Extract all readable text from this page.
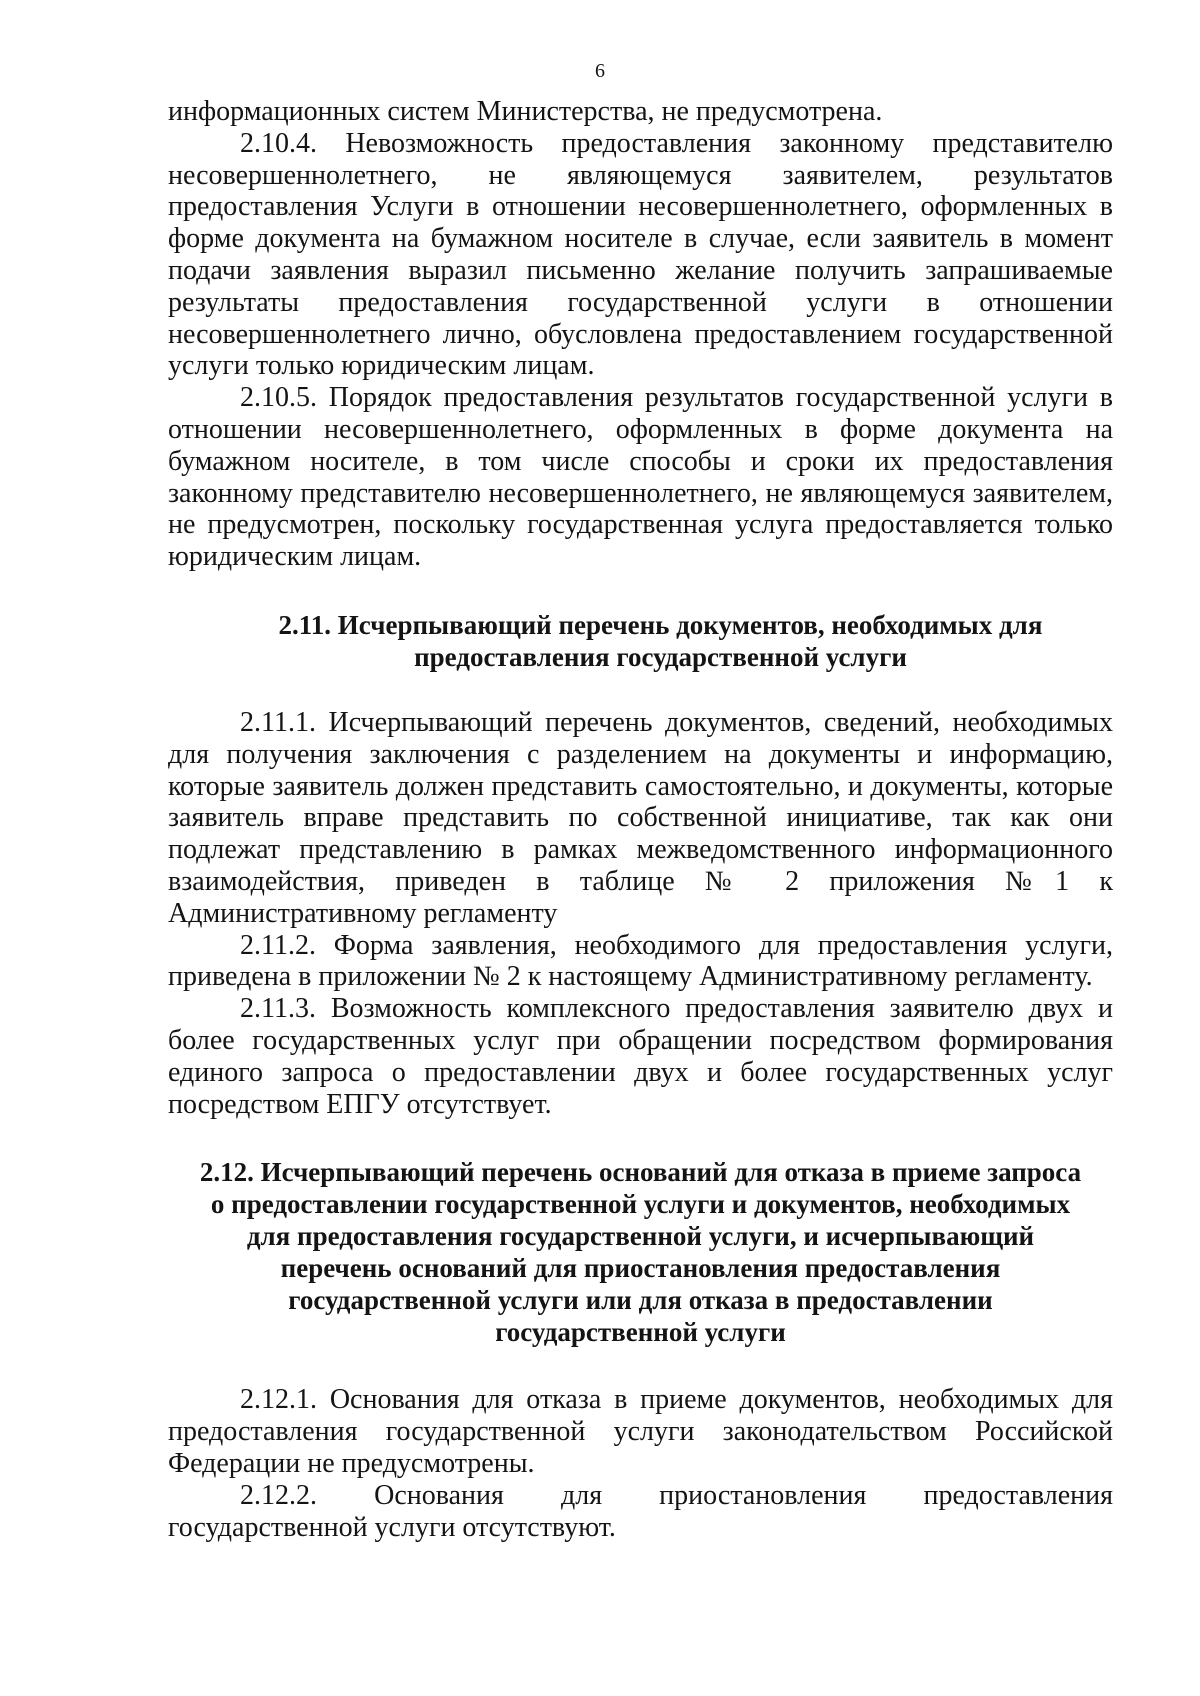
6

информационных систем Министерства, не предусмотрена.

2.10.4. Невозможность предоставления законному представителю несовершеннолетнего, не являющемуся заявителем, результатов предоставления Услуги в отношении несовершеннолетнего, оформленных в форме документа на бумажном носителе в случае, если заявитель в момент подачи заявления выразил письменно желание получить запрашиваемые результаты предоставления государственной услуги в отношении несовершеннолетнего лично, обусловлена предоставлением государственной услуги только юридическим лицам.

2.10.5. Порядок предоставления результатов государственной услуги в отношении несовершеннолетнего, оформленных в форме документа на бумажном носителе, в том числе способы и сроки их предоставления законному представителю несовершеннолетнего, не являющемуся заявителем, не предусмотрен, поскольку государственная услуга предоставляется только юридическим лицам.

2.11. Исчерпывающий перечень документов, необходимых для
предоставления государственной услуги

2.11.1. Исчерпывающий перечень документов, сведений, необходимых для получения заключения с разделением на документы и информацию, которые заявитель должен представить самостоятельно, и документы, которые заявитель вправе представить по собственной инициативе, так как они подлежат представлению в рамках межведомственного информационного взаимодействия, приведен в таблице № 2 приложения №1 к Административному регламенту

2.11.2. Форма заявления, необходимого для предоставления услуги, приведена в приложении № 2 к настоящему Административному регламенту.

2.11.3. Возможность комплексного предоставления заявителю двух и более государственных услуг при обращении посредством формирования единого запроса о предоставлении двух и более государственных услуг посредством ЕПГУ отсутствует.

2.12. Исчерпывающий перечень оснований для отказа в приеме запроса
о предоставлении государственной услуги и документов, необходимых
для предоставления государственной услуги, и исчерпывающий
перечень оснований для приостановления предоставления
государственной услуги или для отказа в предоставлении
государственной услуги

2.12.1. Основания для отказа в приеме документов, необходимых для предоставления государственной услуги законодательством Российской Федерации не предусмотрены.

2.12.2. Основания для приостановления предоставления государственной услуги отсутствуют.
